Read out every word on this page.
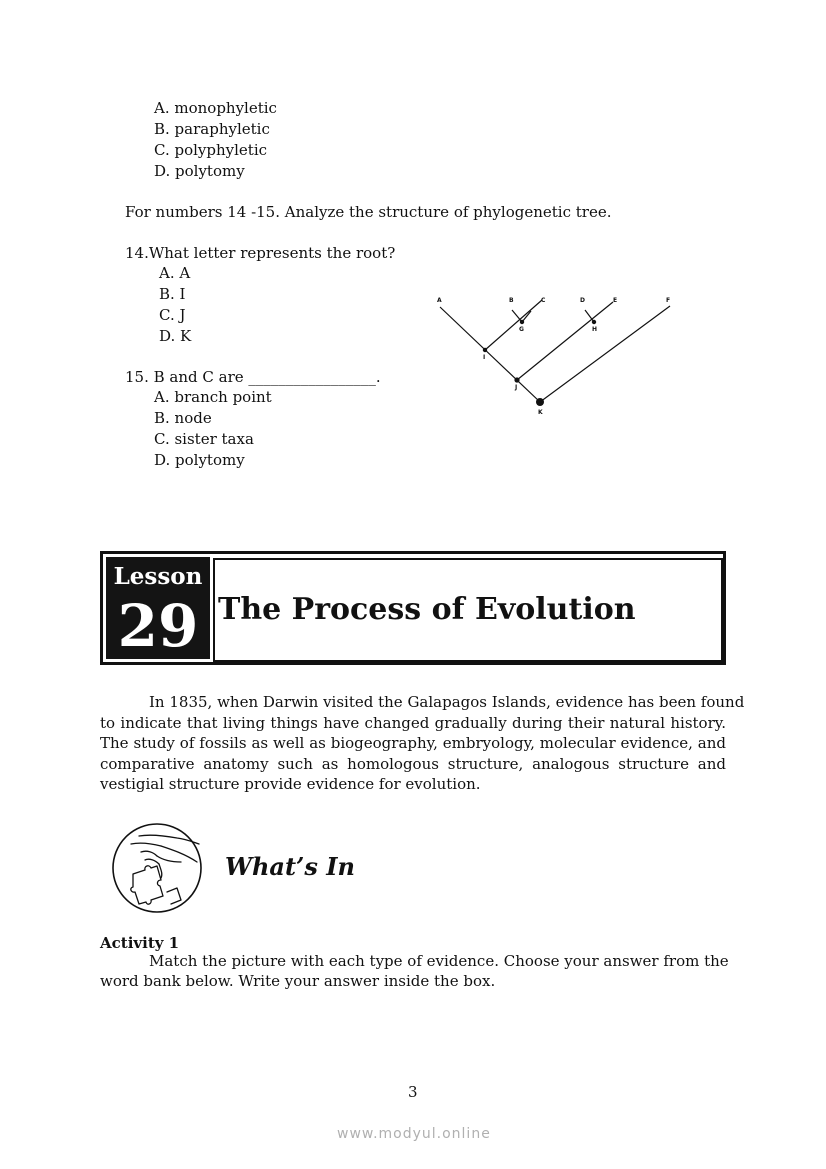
A. monophyletic
B. paraphyletic
C. polyphyletic
D. polytomy
For numbers 14 -15. Analyze the structure of phylogenetic tree.
14.What letter represents the root?
A. A
B. I
C. J
D. K
15. B and C are _________________.
A. branch point
B. node
C. sister taxa
D. polytomy
A	B	C	D	E	F
G	H
I
J
K
Lesson
29 The Process of Evolution
In 1835, when Darwin visited the Galapagos Islands, evidence has been found
to indicate that living things have changed gradually during their natural history.
The study of fossils as well as biogeography, embryology, molecular evidence, and
comparative anatomy such as homologous structure, analogous structure and
vestigial structure provide evidence for evolution.
What’s In
Activity 1
Match the picture with each type of evidence. Choose your answer from the
word bank below. Write your answer inside the box.
3
www.modyul.online
